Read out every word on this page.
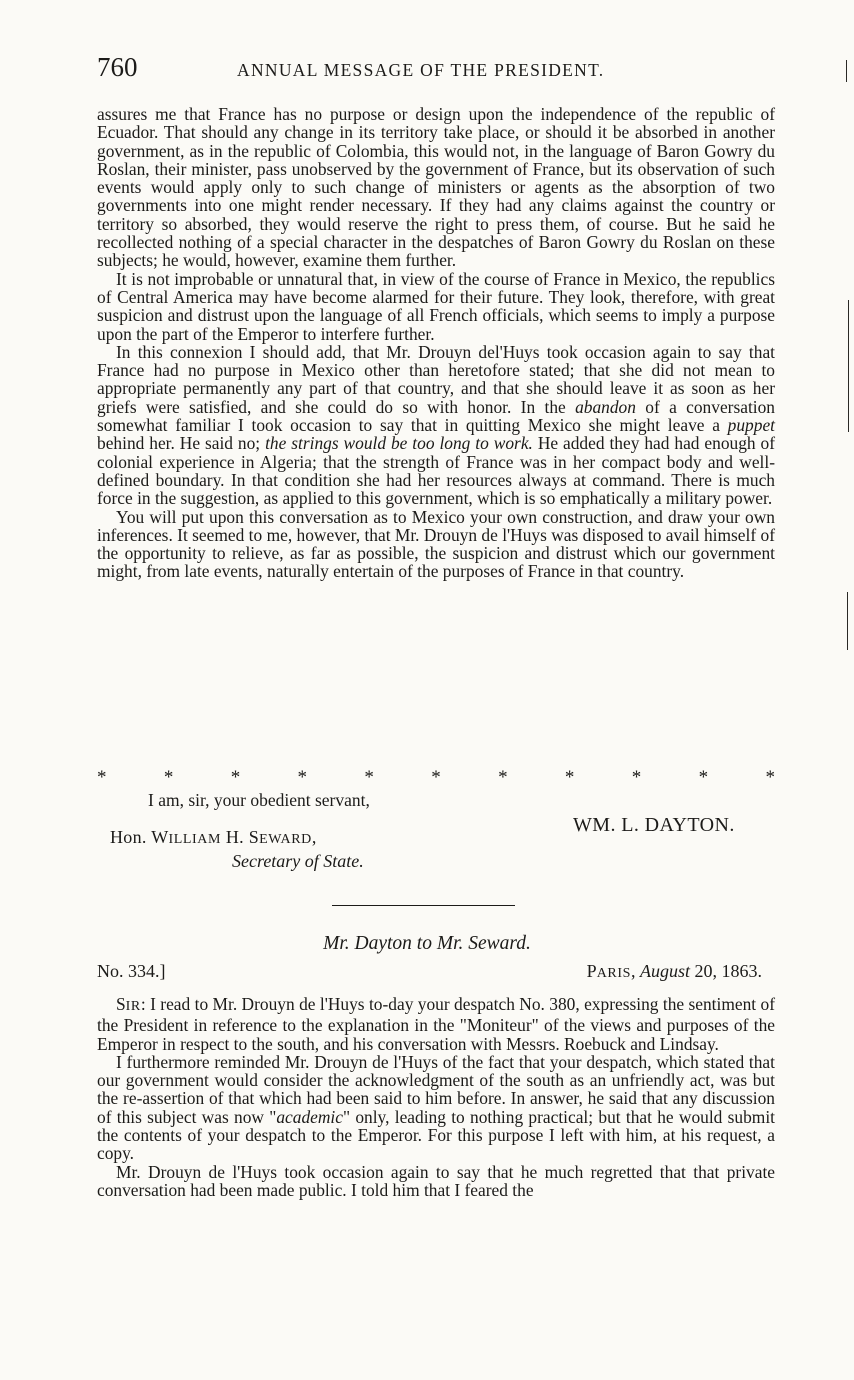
760	ANNUAL MESSAGE OF THE PRESIDENT.

assures me that France has no purpose or design upon the independence of the republic of Ecuador. That should any change in its territory take place, or should it be absorbed in another government, as in the republic of Colombia, this would not, in the language of Baron Gowry du Roslan, their minister, pass unobserved by the government of France, but its observation of such events would apply only to such change of ministers or agents as the absorption of two governments into one might render necessary. If they had any claims against the country or territory so absorbed, they would reserve the right to press them, of course. But he said he recollected nothing of a special character in the despatches of Baron Gowry du Roslan on these subjects; he would, however, examine them further.

It is not improbable or unnatural that, in view of the course of France in Mexico, the republics of Central America may have become alarmed for their future. They look, therefore, with great suspicion and distrust upon the language of all French officials, which seems to imply a purpose upon the part of the Emperor to interfere further.

In this connexion I should add, that Mr. Drouyn del'Huys took occasion again to say that France had no purpose in Mexico other than heretofore stated; that she did not mean to appropriate permanently any part of that country, and that she should leave it as soon as her griefs were satisfied, and she could do so with honor. In the abandon of a conversation somewhat familiar I took occasion to say that in quitting Mexico she might leave a puppet behind her. He said no; the strings would be too long to work. He added they had had enough of colonial experience in Algeria; that the strength of France was in her compact body and well-defined boundary. In that condition she had her resources always at command. There is much force in the suggestion, as applied to this government, which is so emphatically a military power.

You will put upon this conversation as to Mexico your own construction, and draw your own inferences. It seemed to me, however, that Mr. Drouyn de l'Huys was disposed to avail himself of the opportunity to relieve, as far as possible, the suspicion and distrust which our government might, from late events, naturally entertain of the purposes of France in that country.

*	*	*	*	*	*	*	*	*	*	*
I am, sir, your obedient servant,
WM. L. DAYTON.
Hon. WILLIAM H. SEWARD,
Secretary of State.
Mr. Dayton to Mr. Seward.
No. 334.]	PARIS, August 20, 1863.

SIR: I read to Mr. Drouyn de l'Huys to-day your despatch No. 380, expressing the sentiment of the President in reference to the explanation in the "Moniteur" of the views and purposes of the Emperor in respect to the south, and his conversation with Messrs. Roebuck and Lindsay.

I furthermore reminded Mr. Drouyn de l'Huys of the fact that your despatch, which stated that our government would consider the acknowledgment of the south as an unfriendly act, was but the re-assertion of that which had been said to him before. In answer, he said that any discussion of this subject was now "academic" only, leading to nothing practical; but that he would submit the contents of your despatch to the Emperor. For this purpose I left with him, at his request, a copy.

Mr. Drouyn de l'Huys took occasion again to say that he much regretted that that private conversation had been made public. I told him that I feared the
